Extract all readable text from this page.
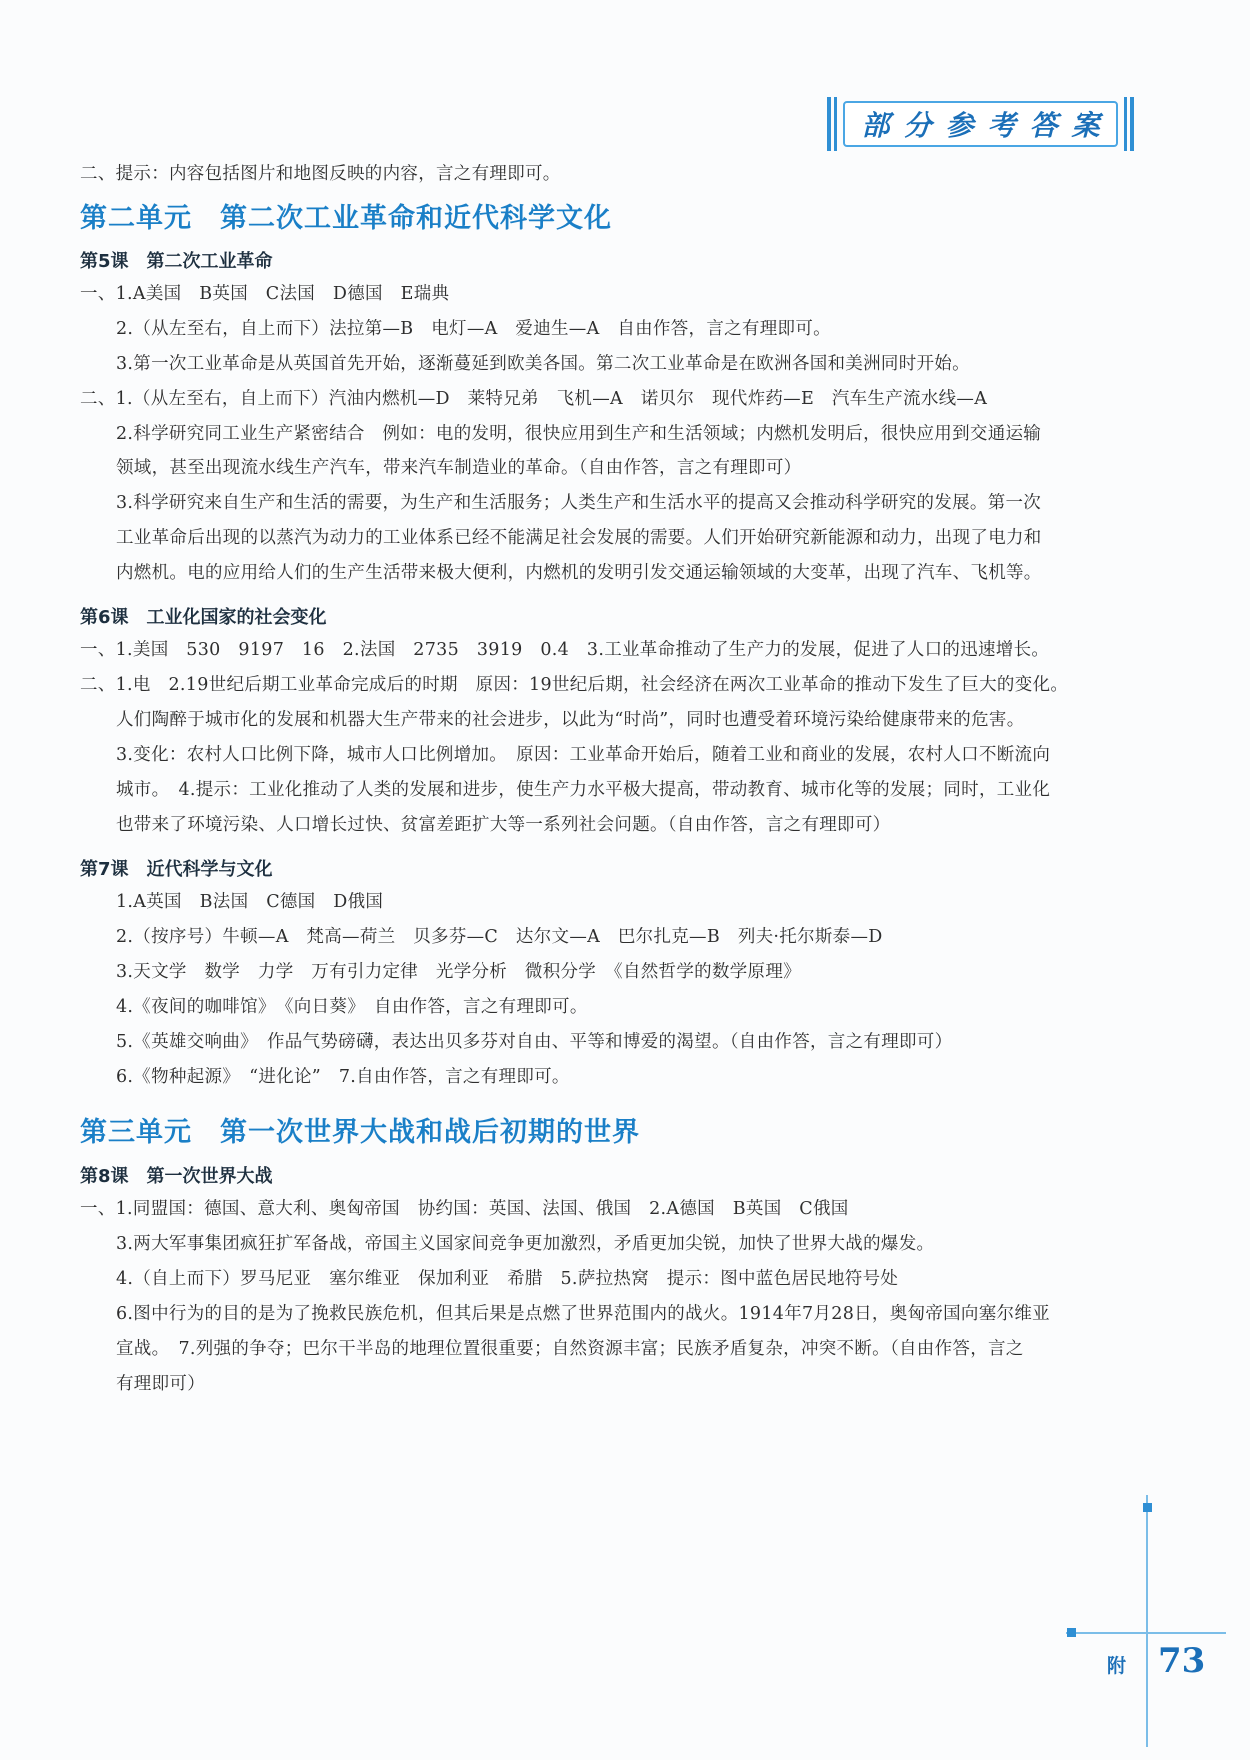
部分参考答案
二、提示：内容包括图片和地图反映的内容，言之有理即可。
第二单元　第二次工业革命和近代科学文化
第5课　第二次工业革命
一、1.A美国　B英国　C法国　D德国　E瑞典
2.（从左至右，自上而下）法拉第—B　电灯—A　爱迪生—A　自由作答，言之有理即可。
3.第一次工业革命是从英国首先开始，逐渐蔓延到欧美各国。第二次工业革命是在欧洲各国和美洲同时开始。
二、1.（从左至右，自上而下）汽油内燃机—D　莱特兄弟　飞机—A　诺贝尔　现代炸药—E　汽车生产流水线—A
2.科学研究同工业生产紧密结合　例如：电的发明，很快应用到生产和生活领域；内燃机发明后，很快应用到交通运输
领域，甚至出现流水线生产汽车，带来汽车制造业的革命。（自由作答，言之有理即可）
3.科学研究来自生产和生活的需要，为生产和生活服务；人类生产和生活水平的提高又会推动科学研究的发展。第一次
工业革命后出现的以蒸汽为动力的工业体系已经不能满足社会发展的需要。人们开始研究新能源和动力，出现了电力和
内燃机。电的应用给人们的生产生活带来极大便利，内燃机的发明引发交通运输领域的大变革，出现了汽车、飞机等。
第6课　工业化国家的社会变化
一、1.美国　530　9197　16　2.法国　2735　3919　0.4　3.工业革命推动了生产力的发展，促进了人口的迅速增长。
二、1.电　2.19世纪后期工业革命完成后的时期　原因：19世纪后期，社会经济在两次工业革命的推动下发生了巨大的变化。
人们陶醉于城市化的发展和机器大生产带来的社会进步，以此为“时尚”，同时也遭受着环境污染给健康带来的危害。
3.变化：农村人口比例下降，城市人口比例增加。　原因：工业革命开始后，随着工业和商业的发展，农村人口不断流向
城市。　4.提示：工业化推动了人类的发展和进步，使生产力水平极大提高，带动教育、城市化等的发展；同时，工业化
也带来了环境污染、人口增长过快、贫富差距扩大等一系列社会问题。（自由作答，言之有理即可）
第7课　近代科学与文化
1.A英国　B法国　C德国　D俄国
2.（按序号）牛顿—A　梵高—荷兰　贝多芬—C　达尔文—A　巴尔扎克—B　列夫·托尔斯泰—D
3.天文学　数学　力学　万有引力定律　光学分析　微积分学　《自然哲学的数学原理》
4.《夜间的咖啡馆》　《向日葵》　自由作答，言之有理即可。
5.《英雄交响曲》　作品气势磅礴，表达出贝多芬对自由、平等和博爱的渴望。（自由作答，言之有理即可）
6.《物种起源》　“进化论”　7.自由作答，言之有理即可。
第三单元　第一次世界大战和战后初期的世界
第8课　第一次世界大战
一、1.同盟国：德国、意大利、奥匈帝国　协约国：英国、法国、俄国　2.A德国　B英国　C俄国
3.两大军事集团疯狂扩军备战，帝国主义国家间竞争更加激烈，矛盾更加尖锐，加快了世界大战的爆发。
4.（自上而下）罗马尼亚　塞尔维亚　保加利亚　希腊　5.萨拉热窝　提示：图中蓝色居民地符号处
6.图中行为的目的是为了挽救民族危机，但其后果是点燃了世界范围内的战火。1914年7月28日，奥匈帝国向塞尔维亚
宣战。　7.列强的争夺；巴尔干半岛的地理位置很重要；自然资源丰富；民族矛盾复杂，冲突不断。（自由作答，言之
有理即可）
附 73
